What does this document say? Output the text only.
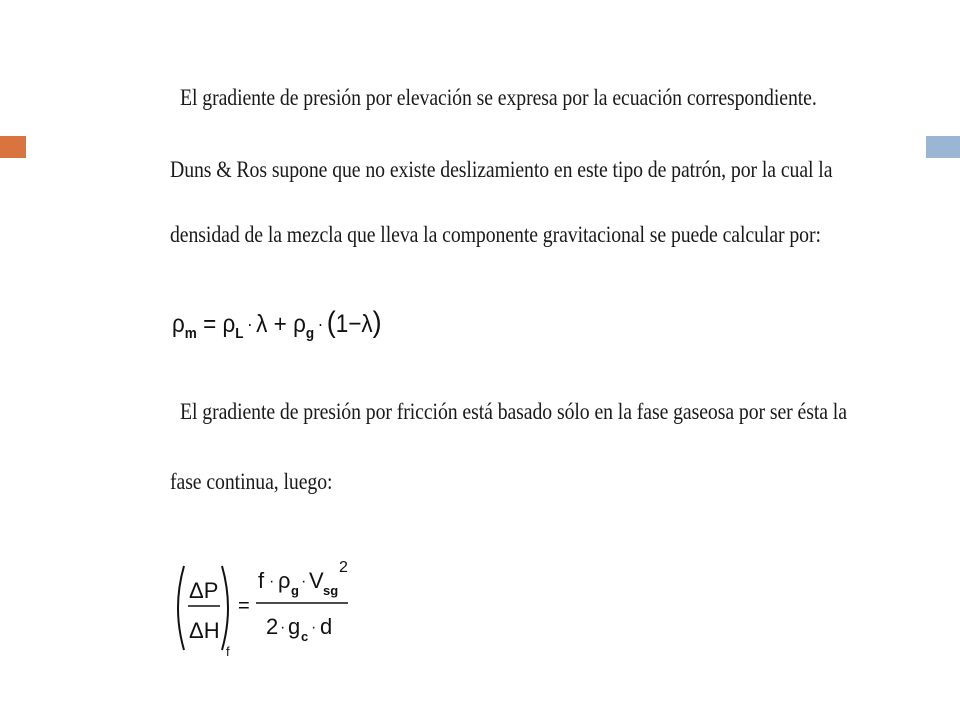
El gradiente de presión por elevación se expresa por la ecuación correspondiente.
Duns & Ros supone que no existe deslizamiento en este tipo de patrón, por la cual la
densidad de la mezcla que lleva la componente gravitacional se puede calcular por:
$\rho_m = \rho_L \cdot \lambda + \rho_g \cdot (1-\lambda)$
El gradiente de presión por fricción está basado sólo en la fase gaseosa por ser ésta la
fase continua, luego:
ΔP
ΔH
f
=
f · ρ g
· V sg
2
2 · g c
· d
